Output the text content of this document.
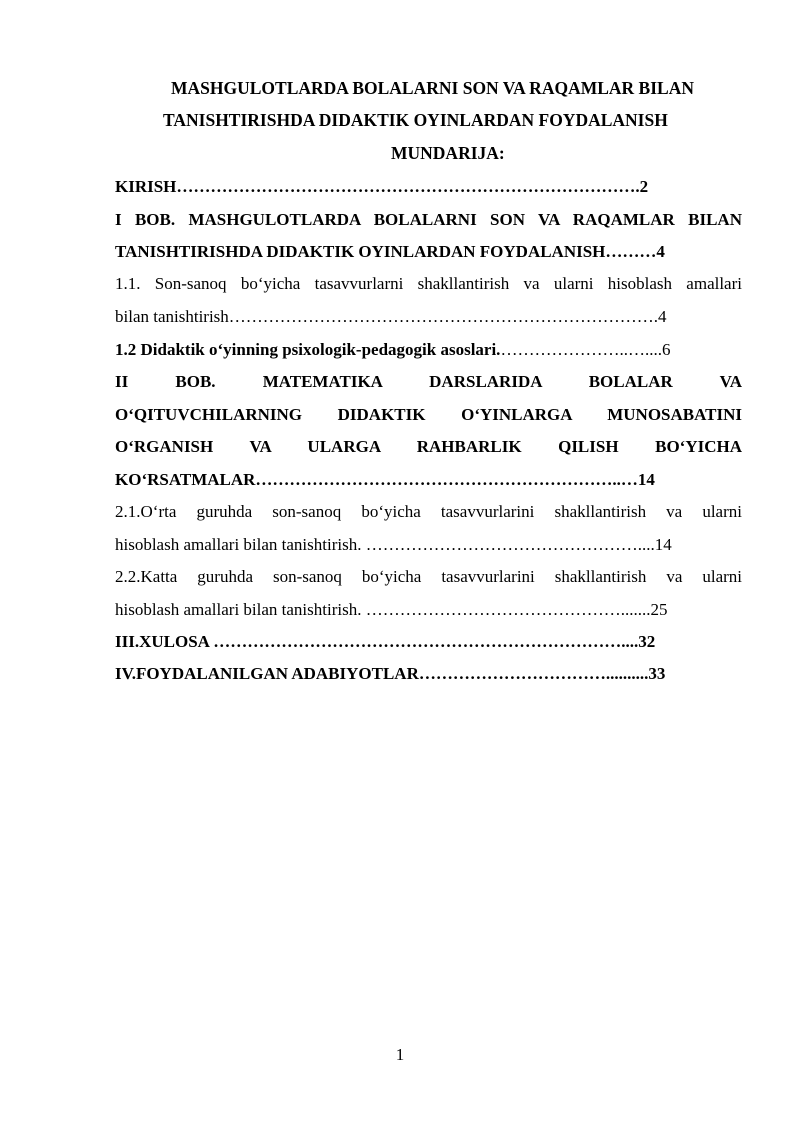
MASHGULOTLARDA BOLALARNI SON VA RAQAMLAR BILAN
TANISHTIRISHDA DIDAKTIK OYINLARDAN FOYDALANISH
MUNDARIJA:
KIRISH……………………………………………………………………….2
I BOB. MASHGULOTLARDA BOLALARNI SON VA RAQAMLAR BILAN
TANISHTIRISHDA DIDAKTIK OYINLARDAN FOYDALANISH………4
1.1. Son-sanoq bo‘yicha tasavvurlarni shakllantirish va ularni hisoblash amallari
bilan tanishtirish………………………………………………………………….4
1.2 Didaktik o‘yinning psixologik-pedagogik asoslari.…………………..…....6
II BOB. MATEMATIKA DARSLARIDA BOLALAR VA
O‘QITUVCHILARNING DIDAKTIK O‘YINLARGA MUNOSABATINI
O‘RGANISH VA ULARGA RAHBARLIK QILISH BO‘YICHA
KO‘RSATMALAR………………………………………………………..…14
2.1.O‘rta guruhda son-sanoq bo‘yicha tasavvurlarini shakllantirish va ularni
hisoblash amallari bilan tanishtirish. …………………………………………....14
2.2.Katta guruhda son-sanoq bo‘yicha tasavvurlarini shakllantirish va ularni
hisoblash amallari bilan tanishtirish. ……………………………………….......25
III.XULOSA ………………………………………………………………....32
IV.FOYDALANILGAN ADABIYOTLAR……………………………..........33
1
